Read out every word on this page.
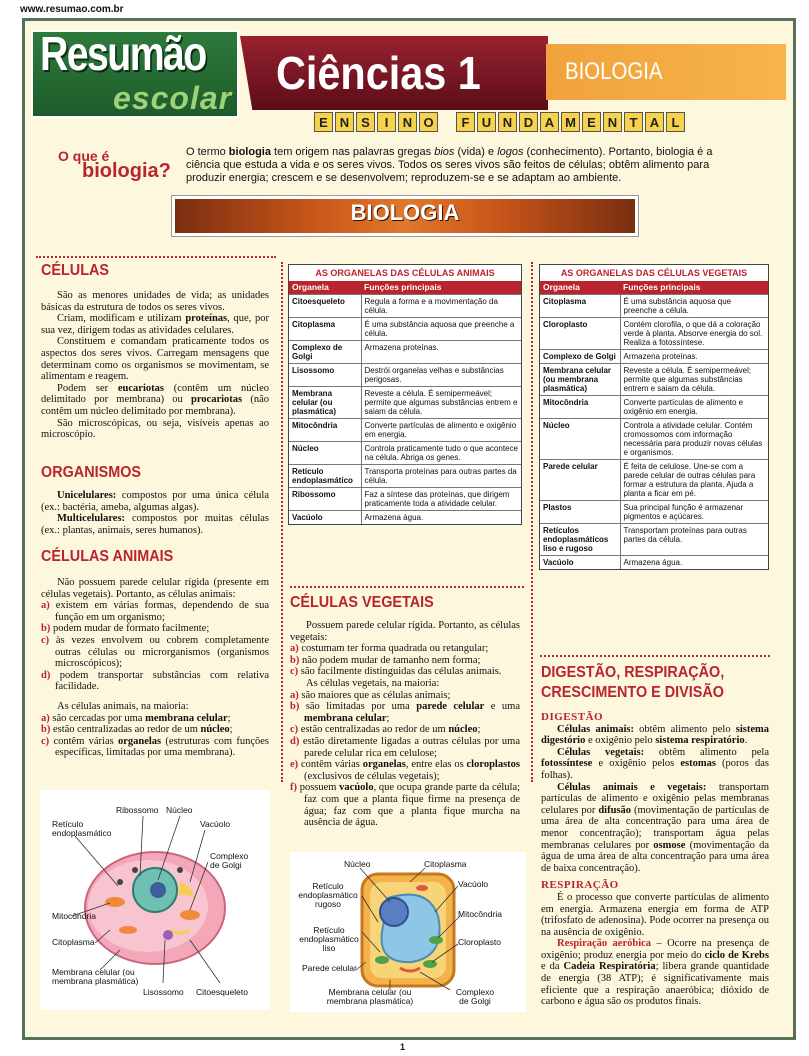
www.resumao.com.br
Resumão
escolar Ciências 1	BIOLOGIA
E N S	I	N O	F U N D A M E N T A L
O que é
biologia?
O termo biologia tem origem nas palavras gregas bios (vida) e logos (conhecimento). Portanto, biologia é a ciência que estuda a vida e os seres vivos. Todos os seres vivos são feitos de células; obtêm alimento para produzir energia; crescem e se desenvolvem; reproduzem-se e se adaptam ao ambiente.
BIOLOGIA
CÉLULAS

São as menores unidades de vida; as unidades básicas da estrutura de todos os seres vivos.

Criam, modificam e utilizam proteínas, que, por sua vez, dirigem todas as atividades celulares.

Constituem e comandam praticamente todos os aspectos dos seres vivos. Carregam mensagens que determinam como os organismos se movimentam, se alimentam e reagem.

Podem ser eucariotas (contêm um núcleo delimitado por membrana) ou procariotas (não contêm um núcleo delimitado por membrana).

São microscópicas, ou seja, visíveis apenas ao microscópio.

ORGANISMOS

Unicelulares: compostos por uma única célula (ex.: bactéria, ameba, algumas algas).

Multicelulares: compostos por muitas células (ex.: plantas, animais, seres humanos).

CÉLULAS ANIMAIS

Não possuem parede celular rígida (presente em células vegetais). Portanto, as células animais:

a) existem em várias formas, dependendo de sua função em um organismo;
b) podem mudar de formato facilmente;
c) às vezes envolvem ou cobrem completamente outras células ou microrganismos (organismos microscópicos);
d) podem transportar substâncias com relativa facilidade.

As células animais, na maioria:

a) são cercadas por uma membrana celular;
b) estão centralizadas ao redor de um núcleo;
c) contêm várias organelas (estruturas com funções específicas, limitadas por uma membrana).
Ribossomo Núcleo
Retículo endoplasmático
Vacúolo
Complexo de Golgi
Mitocôndria
Citoplasma
Membrana celular (ou membrana plasmática)
Lisossomo Citoesqueleto
AS ORGANELAS DAS CÉLULAS ANIMAIS
Organela	Funções principais
Citoesqueleto	Regula a forma e a movimentação da célula.
Citoplasma	É uma substância aquosa que preenche a célula.
Complexo de Golgi	Armazena proteínas.
Lisossomo	Destrói organelas velhas e substâncias perigosas.
Membrana celular (ou plasmática)	Reveste a célula. É semipermeável; permite que algumas substâncias entrem e saiam da célula.
Mitocôndria	Converte partículas de alimento e oxigênio em energia.
Núcleo	Controla praticamente tudo o que acontece na célula. Abriga os genes.
Retículo endoplasmático	Transporta proteínas para outras partes da célula.
Ribossomo	Faz a síntese das proteínas, que dirigem praticamente toda a atividade celular.
Vacúolo	Armazena água.
CÉLULAS VEGETAIS

Possuem parede celular rígida. Portanto, as células vegetais:

a) costumam ter forma quadrada ou retangular;
b) não podem mudar de tamanho nem forma;
c) são facilmente distinguidas das células animais.

As células vegetais, na maioria:

a) são maiores que as células animais;
b) são limitadas por uma parede celular e uma membrana celular;
c) estão centralizadas ao redor de um núcleo;
d) estão diretamente ligadas a outras células por uma parede celular rica em celulose;
e) contêm várias organelas, entre elas os cloroplastos (exclusivos de células vegetais);
f) possuem vacúolo, que ocupa grande parte da célula; faz com que a planta fique firme na presença de água; faz com que a planta fique murcha na ausência de água.
Núcleo	Citoplasma
Retículo endoplasmático rugoso
Vacúolo
Mitocôndria
Retículo endoplasmático liso
Cloroplasto
Parede celular
Membrana celular (ou membrana plasmática)
Complexo de Golgi
AS ORGANELAS DAS CÉLULAS VEGETAIS
Organela	Funções principais
Citoplasma	É uma substância aquosa que preenche a célula.
Cloroplasto	Contém clorofila, o que dá a coloração verde à planta. Absorve energia do sol. Realiza a fotossíntese.
Complexo de Golgi	Armazena proteínas.
Membrana celular (ou membrana plasmática)	Reveste a célula. É semipermeável; permite que algumas substâncias entrem e saiam da célula.
Mitocôndria	Converte partículas de alimento e oxigênio em energia.
Núcleo	Controla a atividade celular. Contém cromossomos com informação necessária para produzir novas células e organismos.
Parede celular	É feita de celulose. Une-se com a parede celular de outras células para formar a estrutura da planta. Ajuda a planta a ficar em pé.
Plastos	Sua principal função é armazenar pigmentos e açúcares.
Retículos endoplasmáticos liso e rugoso	Transportam proteínas para outras partes da célula.
Vacúolo	Armazena água.
DIGESTÃO, RESPIRAÇÃO,
CRESCIMENTO E DIVISÃO
DIGESTÃO

Células animais: obtêm alimento pelo sistema digestório e oxigênio pelo sistema respiratório.

Células vegetais: obtêm alimento pela fotossíntese e oxigênio pelos estomas (poros das folhas).

Células animais e vegetais: transportam partículas de alimento e oxigênio pelas membranas celulares por difusão (movimentação de partículas de uma área de alta concentração para uma área de menor concentração); transportam água pelas membranas celulares por osmose (movimentação da água de uma área de alta concentração para uma área de baixa concentração).

RESPIRAÇÃO

É o processo que converte partículas de alimento em energia. Armazena energia em forma de ATP (trifosfato de adenosina). Pode ocorrer na presença ou na ausência de oxigênio.

Respiração aeróbica – Ocorre na presença de oxigênio; produz energia por meio do ciclo de Krebs e da Cadeia Respiratória; libera grande quantidade de energia (38 ATP); é significativamente mais eficiente que a respiração anaeróbica; dióxido de carbono e água são os produtos finais.

1
